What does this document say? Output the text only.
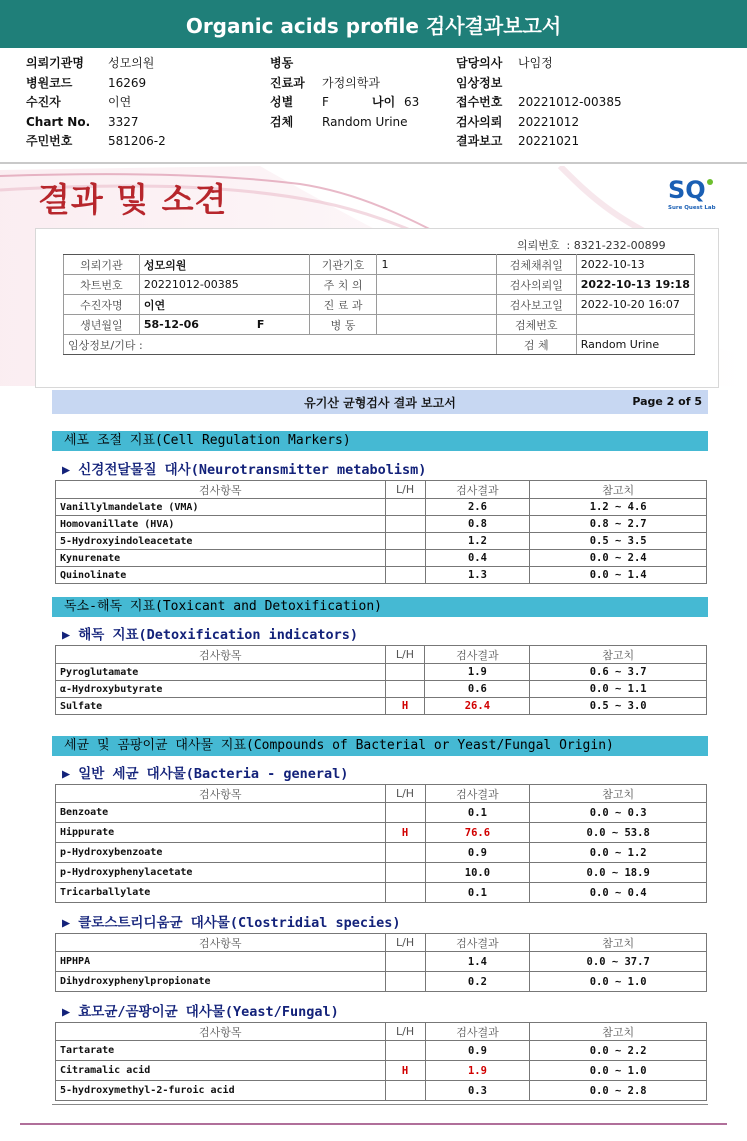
Organic acids profile 검사결과보고서
의뢰기관명 성모의원
병원코드	16269
수진자	이연
Chart No. 3327
주민번호	581206-2
병동
진료과 가정의학과
성별 F	나이 63
검체 Random Urine
담당의사 나임정
임상정보
접수번호 20221012-00385
검사의뢰 20221012
결과보고 20221021
결과 및 소견	SQ
Sure Quest Lab
의뢰번호 : 8321-232-00899
의뢰기관	성모의원	기관기호	1	검체채취일	2022-10-13
차트번호	20221012-00385	주 치 의		검사의뢰일	2022-10-13 19:18
수진자명	이연	진 료 과		검사보고일	2022-10-20 16:07
생년월일	58-12-06 F	병 동		검체번호	
임상정보/기타 :				검 체	Random Urine
유기산 균형검사 결과 보고서	Page 2 of 5
세포 조절 지표(Cell Regulation Markers)
▶ 신경전달물질 대사(Neurotransmitter metabolism)
검사항목	L/H	검사결과	참고치
Vanillylmandelate (VMA)		2.6	1.2 ~ 4.6
Homovanillate (HVA)		0.8	0.8 ~ 2.7
5-Hydroxyindoleacetate		1.2	0.5 ~ 3.5
Kynurenate		0.4	0.0 ~ 2.4
Quinolinate		1.3	0.0 ~ 1.4
독소-해독 지표(Toxicant and Detoxification)
▶ 해독 지표(Detoxification indicators)
검사항목	L/H	검사결과	참고치
Pyroglutamate		1.9	0.6 ~ 3.7
α-Hydroxybutyrate		0.6	0.0 ~ 1.1
Sulfate	H	26.4	0.5 ~ 3.0
세균 및 곰팡이균 대사물 지표(Compounds of Bacterial or Yeast/Fungal Origin)
▶ 일반 세균 대사물(Bacteria - general)
검사항목	L/H	검사결과	참고치
Benzoate		0.1	0.0 ~ 0.3
Hippurate	H	76.6	0.0 ~ 53.8
p-Hydroxybenzoate		0.9	0.0 ~ 1.2
p-Hydroxyphenylacetate		10.0	0.0 ~ 18.9
Tricarballylate		0.1	0.0 ~ 0.4
▶ 클로스트리디움균 대사물(Clostridial species)
검사항목	L/H	검사결과	참고치
HPHPA		1.4	0.0 ~ 37.7
Dihydroxyphenylpropionate		0.2	0.0 ~ 1.0
▶ 효모균/곰팡이균 대사물(Yeast/Fungal)
검사항목	L/H	검사결과	참고치
Tartarate		0.9	0.0 ~ 2.2
Citramalic acid	H	1.9	0.0 ~ 1.0
5-hydroxymethyl-2-furoic acid		0.3	0.0 ~ 2.8
